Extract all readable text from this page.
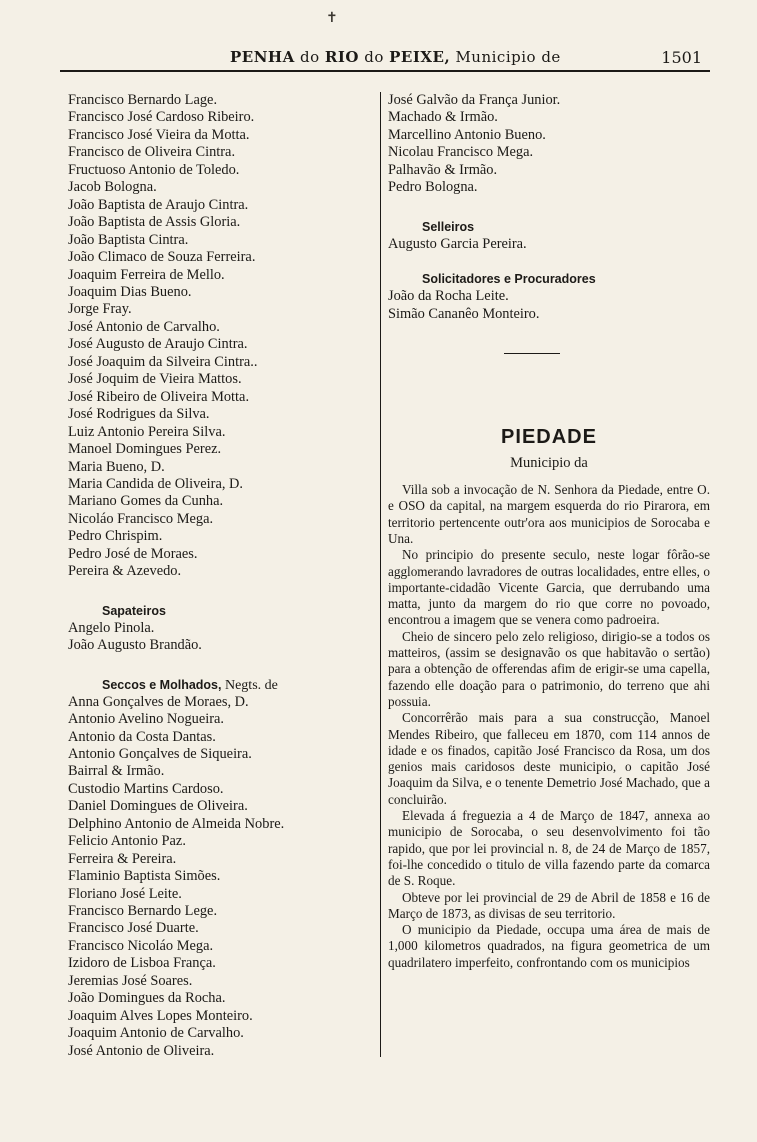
✝
PENHA do RIO do PEIXE, Municipio de	1501
Francisco Bernardo Lage.
Francisco José Cardoso Ribeiro.
Francisco José Vieira da Motta.
Francisco de Oliveira Cintra.
Fructuoso Antonio de Toledo.
Jacob Bologna.
João Baptista de Araujo Cintra.
João Baptista de Assis Gloria.
João Baptista Cintra.
João Climaco de Souza Ferreira.
Joaquim Ferreira de Mello.
Joaquim Dias Bueno.
Jorge Fray.
José Antonio de Carvalho.
José Augusto de Araujo Cintra.
José Joaquim da Silveira Cintra..
José Joquim de Vieira Mattos.
José Ribeiro de Oliveira Motta.
José Rodrigues da Silva.
Luiz Antonio Pereira Silva.
Manoel Domingues Perez.
Maria Bueno, D.
Maria Candida de Oliveira, D.
Mariano Gomes da Cunha.
Nicoláo Francisco Mega.
Pedro Chrispim.
Pedro José de Moraes.
Pereira & Azevedo.
Sapateiros
Angelo Pinola.
João Augusto Brandão.
Seccos e Molhados, Negts. de
Anna Gonçalves de Moraes, D.
Antonio Avelino Nogueira.
Antonio da Costa Dantas.
Antonio Gonçalves de Siqueira.
Bairral & Irmão.
Custodio Martins Cardoso.
Daniel Domingues de Oliveira.
Delphino Antonio de Almeida Nobre.
Felicio Antonio Paz.
Ferreira & Pereira.
Flaminio Baptista Simões.
Floriano José Leite.
Francisco Bernardo Lege.
Francisco José Duarte.
Francisco Nicoláo Mega.
Izidoro de Lisboa França.
Jeremias José Soares.
João Domingues da Rocha.
Joaquim Alves Lopes Monteiro.
Joaquim Antonio de Carvalho.
José Antonio de Oliveira.
José Galvão da França Junior.
Machado & Irmão.
Marcellino Antonio Bueno.
Nicolau Francisco Mega.
Palhavão & Irmão.
Pedro Bologna.
Selleiros
Augusto Garcia Pereira.
Solicitadores e Procuradores
João da Rocha Leite.
Simão Cananêo Monteiro.
PIEDADE
Municipio da

Villa sob a invocação de N. Senhora da Piedade, entre O. e OSO da capital, na margem esquerda do rio Pirarora, em territorio pertencente outr'ora aos municipios de Sorocaba e Una.

No principio do presente seculo, neste logar fôrão-se agglomerando lavradores de outras localidades, entre elles, o importante-cidadão Vicente Garcia, que derrubando uma matta, junto da margem do rio que corre no povoado, encontrou a imagem que se venera como padroeira.

Cheio de sincero pelo zelo religioso, dirigio-se a todos os matteiros, (assim se designavão os que habitavão o sertão) para a obtenção de offerendas afim de erigir-se uma capella, fazendo elle doação para o patrimonio, do terreno que ahi possuia.

Concorrêrão mais para a sua construcção, Manoel Mendes Ribeiro, que falleceu em 1870, com 114 annos de idade e os finados, capitão José Francisco da Rosa, um dos genios mais caridosos deste municipio, o capitão José Joaquim da Silva, e o tenente Demetrio José Machado, que a concluirão.

Elevada á freguezia a 4 de Março de 1847, annexa ao municipio de Sorocaba, o seu desenvolvimento foi tão rapido, que por lei provincial n. 8, de 24 de Março de 1857, foi-lhe concedido o titulo de villa fazendo parte da comarca de S. Roque.

Obteve por lei provincial de 29 de Abril de 1858 e 16 de Março de 1873, as divisas de seu territorio.

O municipio da Piedade, occupa uma área de mais de 1,000 kilometros quadrados, na figura geometrica de um quadrilatero imperfeito, confrontando com os municipios
